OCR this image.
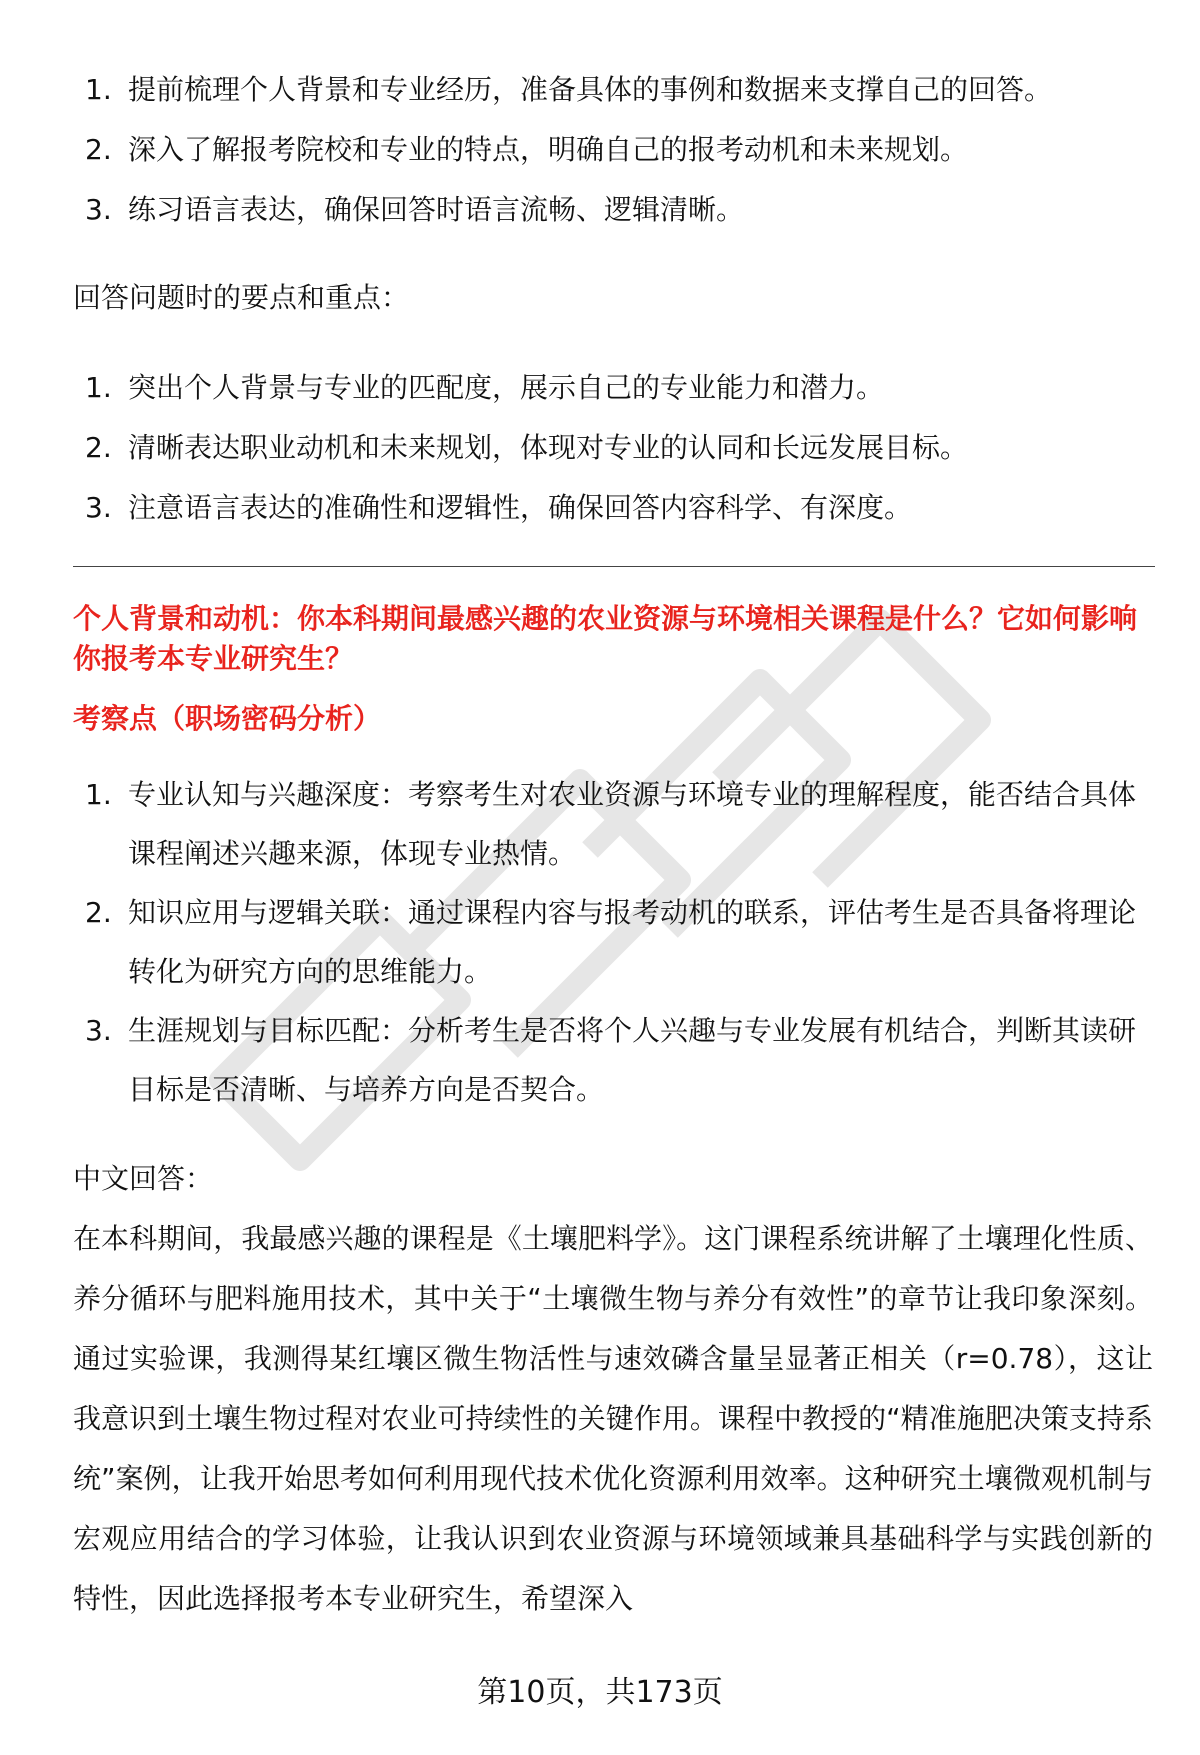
1. 提前梳理个人背景和专业经历，准备具体的事例和数据来支撑自己的回答。
2. 深入了解报考院校和专业的特点，明确自己的报考动机和未来规划。
3. 练习语言表达，确保回答时语言流畅、逻辑清晰。

回答问题时的要点和重点：

1. 突出个人背景与专业的匹配度，展示自己的专业能力和潜力。
2. 清晰表达职业动机和未来规划，体现对专业的认同和长远发展目标。
3. 注意语言表达的准确性和逻辑性，确保回答内容科学、有深度。

个人背景和动机：你本科期间最感兴趣的农业资源与环境相关课程是什么？它如何影响你报考本专业研究生？

考察点（职场密码分析）

1. 专业认知与兴趣深度：考察考生对农业资源与环境专业的理解程度，能否结合具体课程阐述兴趣来源，体现专业热情。
2. 知识应用与逻辑关联：通过课程内容与报考动机的联系，评估考生是否具备将理论转化为研究方向的思维能力。
3. 生涯规划与目标匹配：分析考生是否将个人兴趣与专业发展有机结合，判断其读研目标是否清晰、与培养方向是否契合。

中文回答：

在本科期间，我最感兴趣的课程是《土壤肥料学》。这门课程系统讲解了土壤理化性质、养分循环与肥料施用技术，其中关于“土壤微生物与养分有效性”的章节让我印象深刻。通过实验课，我测得某红壤区微生物活性与速效磷含量呈显著正相关（r=0.78），这让我意识到土壤生物过程对农业可持续性的关键作用。课程中教授的“精准施肥决策支持系统”案例，让我开始思考如何利用现代技术优化资源利用效率。这种研究土壤微观机制与宏观应用结合的学习体验，让我认识到农业资源与环境领域兼具基础科学与实践创新的特性，因此选择报考本专业研究生，希望深入

第10页，共173页
